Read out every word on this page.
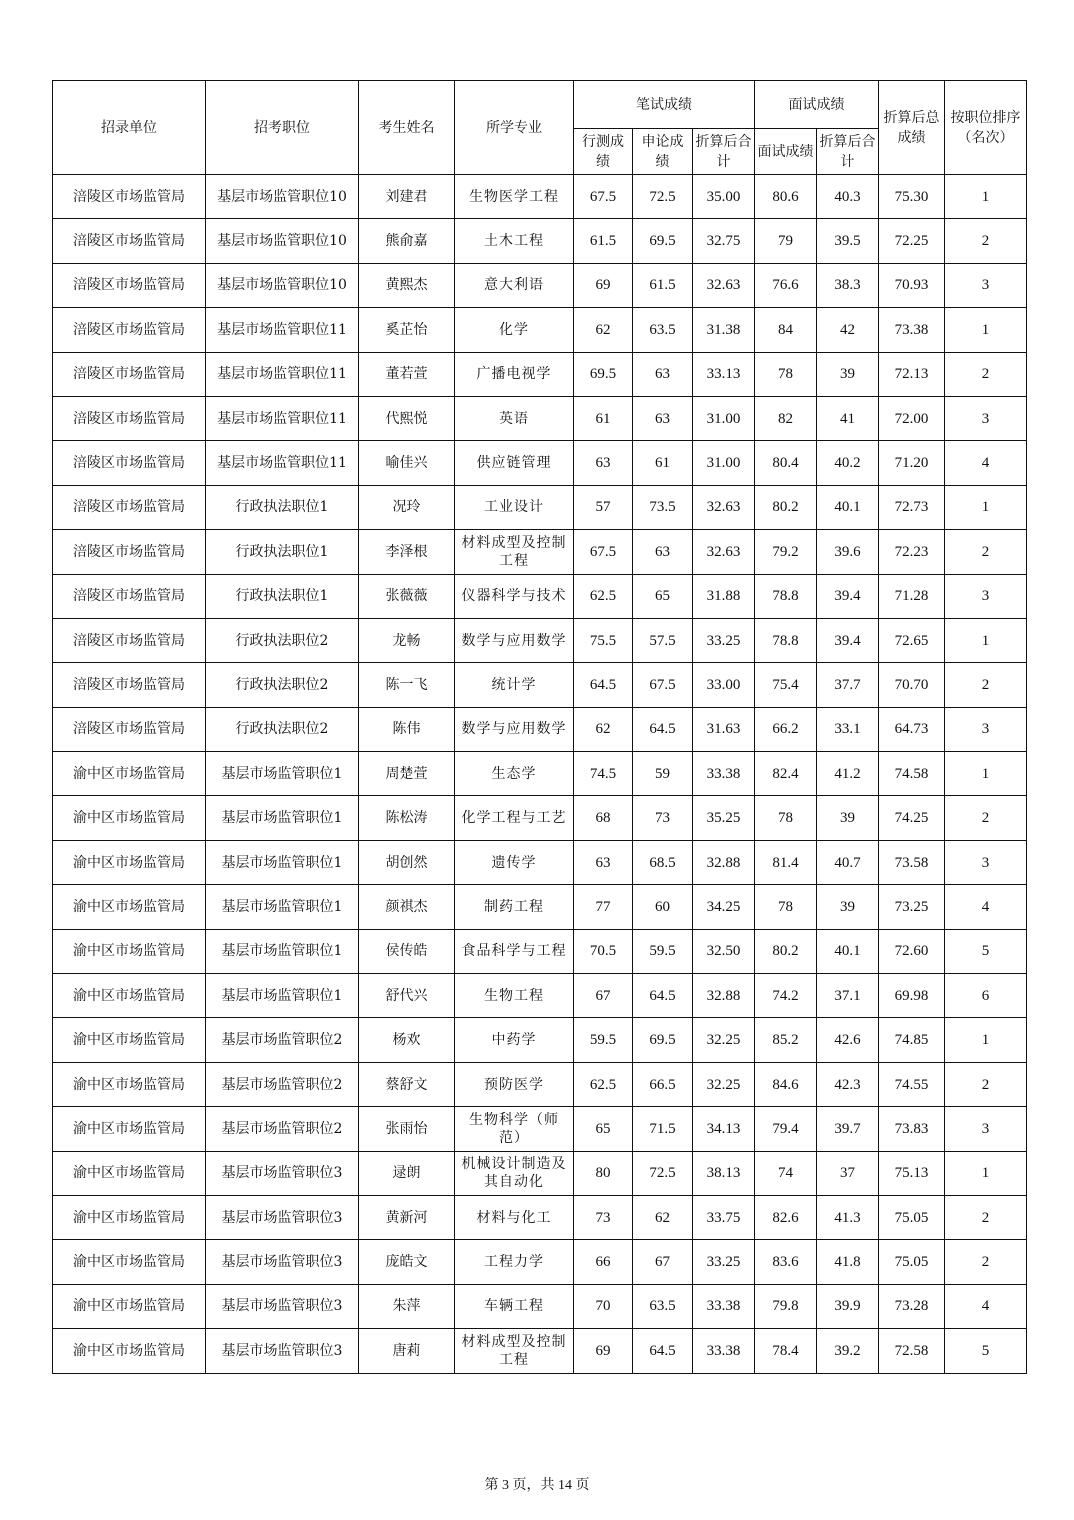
招录单位	招考职位	考生姓名	所学专业	笔试成绩			面试成绩		折算后总成绩	按职位排序（名次）
				行测成绩	申论成绩	折算后合计	面试成绩	折算后合计		
涪陵区市场监管局	基层市场监管职位10	刘建君	生物医学工程	67.5	72.5	35.00	80.6	40.3	75.30	1
涪陵区市场监管局	基层市场监管职位10	熊俞嘉	土木工程	61.5	69.5	32.75	79	39.5	72.25	2
涪陵区市场监管局	基层市场监管职位10	黄熙杰	意大利语	69	61.5	32.63	76.6	38.3	70.93	3
涪陵区市场监管局	基层市场监管职位11	奚芷怡	化学	62	63.5	31.38	84	42	73.38	1
涪陵区市场监管局	基层市场监管职位11	董若萱	广播电视学	69.5	63	33.13	78	39	72.13	2
涪陵区市场监管局	基层市场监管职位11	代熙悦	英语	61	63	31.00	82	41	72.00	3
涪陵区市场监管局	基层市场监管职位11	喻佳兴	供应链管理	63	61	31.00	80.4	40.2	71.20	4
涪陵区市场监管局	行政执法职位1	况玲	工业设计	57	73.5	32.63	80.2	40.1	72.73	1
涪陵区市场监管局	行政执法职位1	李泽根	材料成型及控制工程	67.5	63	32.63	79.2	39.6	72.23	2
涪陵区市场监管局	行政执法职位1	张薇薇	仪器科学与技术	62.5	65	31.88	78.8	39.4	71.28	3
涪陵区市场监管局	行政执法职位2	龙畅	数学与应用数学	75.5	57.5	33.25	78.8	39.4	72.65	1
涪陵区市场监管局	行政执法职位2	陈一飞	统计学	64.5	67.5	33.00	75.4	37.7	70.70	2
涪陵区市场监管局	行政执法职位2	陈伟	数学与应用数学	62	64.5	31.63	66.2	33.1	64.73	3
渝中区市场监管局	基层市场监管职位1	周楚萱	生态学	74.5	59	33.38	82.4	41.2	74.58	1
渝中区市场监管局	基层市场监管职位1	陈松涛	化学工程与工艺	68	73	35.25	78	39	74.25	2
渝中区市场监管局	基层市场监管职位1	胡创然	遗传学	63	68.5	32.88	81.4	40.7	73.58	3
渝中区市场监管局	基层市场监管职位1	颜祺杰	制药工程	77	60	34.25	78	39	73.25	4
渝中区市场监管局	基层市场监管职位1	侯传皓	食品科学与工程	70.5	59.5	32.50	80.2	40.1	72.60	5
渝中区市场监管局	基层市场监管职位1	舒代兴	生物工程	67	64.5	32.88	74.2	37.1	69.98	6
渝中区市场监管局	基层市场监管职位2	杨欢	中药学	59.5	69.5	32.25	85.2	42.6	74.85	1
渝中区市场监管局	基层市场监管职位2	蔡舒文	预防医学	62.5	66.5	32.25	84.6	42.3	74.55	2
渝中区市场监管局	基层市场监管职位2	张雨怡	生物科学（师范）	65	71.5	34.13	79.4	39.7	73.83	3
渝中区市场监管局	基层市场监管职位3	逯朗	机械设计制造及其自动化	80	72.5	38.13	74	37	75.13	1
渝中区市场监管局	基层市场监管职位3	黄新河	材料与化工	73	62	33.75	82.6	41.3	75.05	2
渝中区市场监管局	基层市场监管职位3	庞皓文	工程力学	66	67	33.25	83.6	41.8	75.05	2
渝中区市场监管局	基层市场监管职位3	朱萍	车辆工程	70	63.5	33.38	79.8	39.9	73.28	4
渝中区市场监管局	基层市场监管职位3	唐莉	材料成型及控制工程	69	64.5	33.38	78.4	39.2	72.58	5
第 3 页，共 14 页
